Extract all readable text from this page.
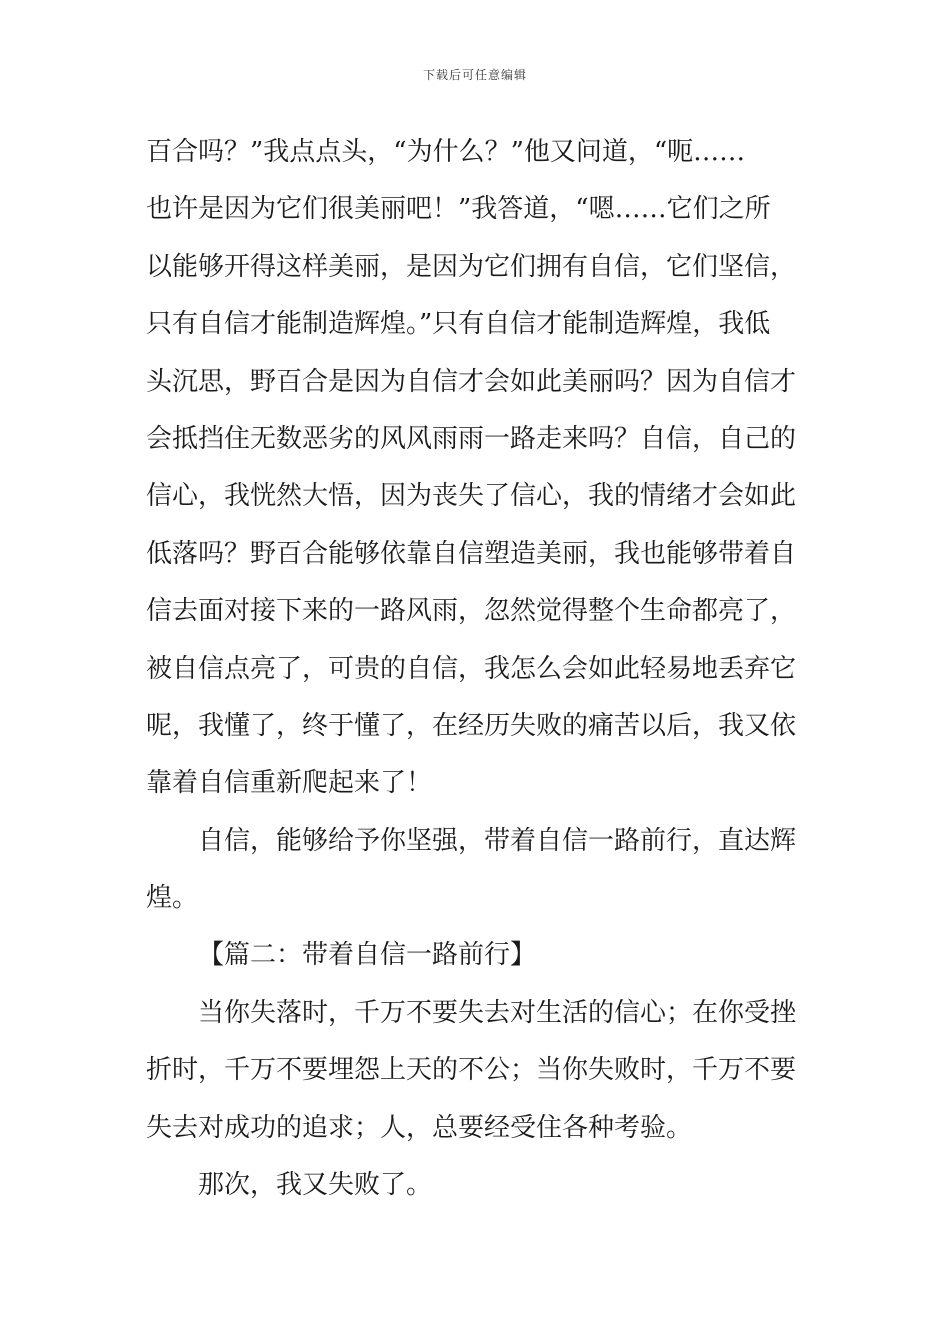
下载后可任意编辑
百合吗？”我点点头，“为什么？”他又问道，“呃……
也许是因为它们很美丽吧！”我答道，“嗯……它们之所
以能够开得这样美丽，是因为它们拥有自信，它们坚信，
只有自信才能制造辉煌。”只有自信才能制造辉煌，我低
头沉思，野百合是因为自信才会如此美丽吗？因为自信才
会抵挡住无数恶劣的风风雨雨一路走来吗？自信，自己的
信心，我恍然大悟，因为丧失了信心，我的情绪才会如此
低落吗？野百合能够依靠自信塑造美丽，我也能够带着自
信去面对接下来的一路风雨，忽然觉得整个生命都亮了，
被自信点亮了，可贵的自信，我怎么会如此轻易地丢弃它
呢，我懂了，终于懂了，在经历失败的痛苦以后，我又依
靠着自信重新爬起来了！
自信，能够给予你坚强，带着自信一路前行，直达辉
煌。
【篇二：带着自信一路前行】
当你失落时，千万不要失去对生活的信心；在你受挫
折时，千万不要埋怨上天的不公；当你失败时，千万不要
失去对成功的追求；人，总要经受住各种考验。
那次，我又失败了。
